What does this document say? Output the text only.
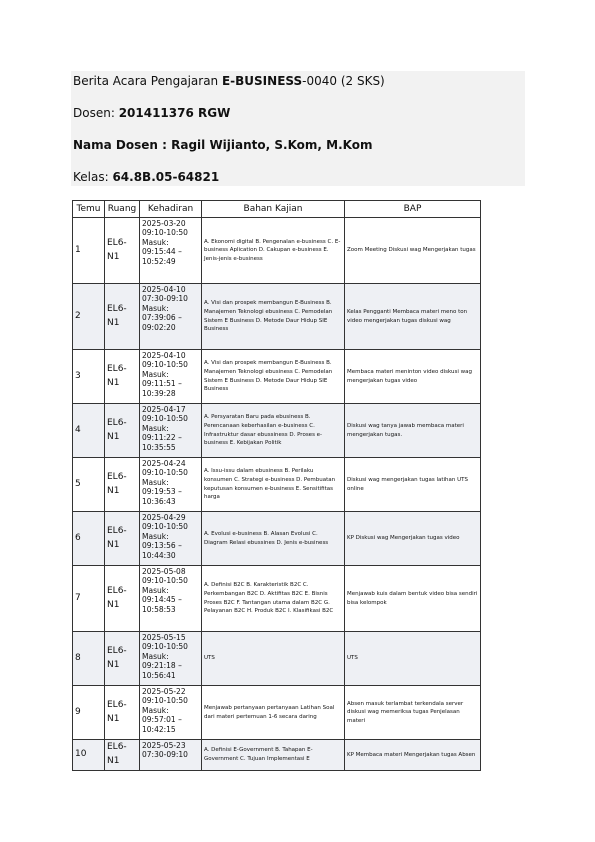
Berita Acara Pengajaran E-BUSINESS-0040 (2 SKS)
Dosen: 201411376 RGW
Nama Dosen : Ragil Wijianto, S.Kom, M.Kom
Kelas: 64.8B.05-64821
Temu	Ruang	Kehadiran	Bahan Kajian	BAP
1	EL6-N1	2025-03-20 09:10-10:50 Masuk: 09:15:44 – 10:52:49	A. Ekonomi digital B. Pengenalan e-business C. E-business Aplication D. Cakupan e-business E. Jenis-jenis e-business	Zoom Meeting Diskusi wag Mengerjakan tugas
2	EL6-N1	2025-04-10 07:30-09:10 Masuk: 07:39:06 – 09:02:20	A. Visi dan prospek membangun E-Business B. Manajemen Teknologi ebusiness C. Pemodelan Sistem E Business D. Metode Daur Hidup SIE Business	Kelas Pengganti Membaca materi meno ton video mengerjakan tugas diskusi wag
3	EL6-N1	2025-04-10 09:10-10:50 Masuk: 09:11:51 –10:39:28	A. Visi dan prospek membangun E-Business B. Manajemen Teknologi ebusiness C. Pemodelan Sistem E Business D. Metode Daur Hidup SIE Business	Membaca materi meninton video diskusi wag mengerjakan tugas video
4	EL6-N1	2025-04-17 09:10-10:50 Masuk: 09:11:22 –10:35:55	A. Persyaratan Baru pada ebusiness B. Perencanaan keberhasilan e-business C. Infrastruktur dasar ebussiness D. Proses e-business E. Kebijakan Politik	Diskusi wag tanya jawab membaca materi mengerjakan tugas.
5	EL6-N1	2025-04-24 09:10-10:50 Masuk: 09:19:53 –10:36:43	A. Issu-issu dalam ebusiness B. Perilaku konsumen C. Strategi e-business D. Pembuatan keputusan konsumen e-business E. Sensitifitas harga	Diskusi wag mengerjakan tugas latihan UTS online
6	EL6-N1	2025-04-29 09:10-10:50 Masuk: 09:13:56 –10:44:30	A. Evolusi e-business B. Alasan Evolusi C. Diagram Relasi ebussines D. Jenis e-business	KP Diskusi wag Mengerjakan tugas video
7	EL6-N1	2025-05-08 09:10-10:50 Masuk: 09:14:45 – 10:58:53	A. Definisi B2C B. Karakteristik B2C C. Perkembangan B2C D. Aktifitas B2C E. Bisnis Proses B2C F. Tantangan utama dalam B2C G. Pelayanan B2C H. Produk B2C I. Klasifikasi B2C	Menjawab kuis dalam bentuk video bisa sendiri bisa kelompok
8	EL6-N1	2025-05-15 09:10-10:50 Masuk: 09:21:18 –10:56:41	UTS	UTS
9	EL6-N1	2025-05-22 09:10-10:50 Masuk: 09:57:01 –10:42:15	Menjawab pertanyaan pertanyaan Latihan Soal dari materi pertemuan 1-6 secara daring	Absen masuk terlambat terkendala server diskusi wag memeriksa tugas Penjelasan materi
10	EL6-N1	2025-05-23 07:30-09:10	A. Definisi E-Government B. Tahapan E-Government C. Tujuan Implementasi E	KP Membaca materi Mengerjakan tugas Absen
